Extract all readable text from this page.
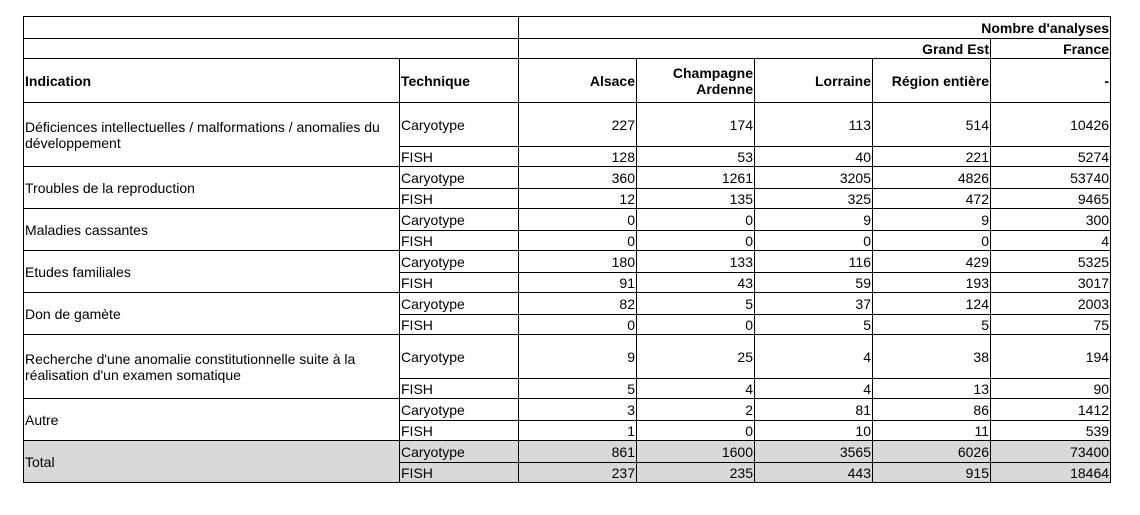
		Nombre d'analyses				
		Grand Est				France
Indication	Technique	Alsace	Champagne Ardenne	Lorraine	Région entière	-
Déficiences intellectuelles / malformations / anomalies du développement	Caryotype	227	174	113	514	10426
	FISH	128	53	40	221	5274
Troubles de la reproduction	Caryotype	360	1261	3205	4826	53740
	FISH	12	135	325	472	9465
Maladies cassantes	Caryotype	0	0	9	9	300
	FISH	0	0	0	0	4
Etudes familiales	Caryotype	180	133	116	429	5325
	FISH	91	43	59	193	3017
Don de gamète	Caryotype	82	5	37	124	2003
	FISH	0	0	5	5	75
Recherche d'une anomalie constitutionnelle suite à la réalisation d'un examen somatique	Caryotype	9	25	4	38	194
	FISH	5	4	4	13	90
Autre	Caryotype	3	2	81	86	1412
	FISH	1	0	10	11	539
Total	Caryotype	861	1600	3565	6026	73400
	FISH	237	235	443	915	18464
